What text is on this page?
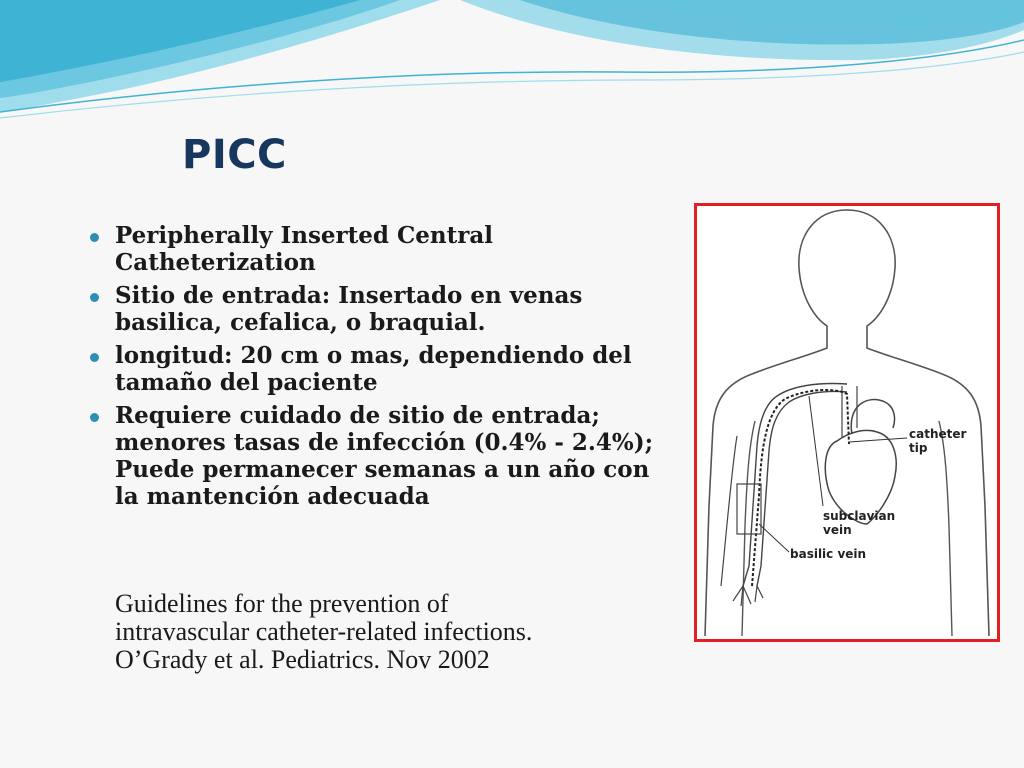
PICC
Peripherally Inserted Central Catheterization
Sitio de entrada: Insertado en venas basilica, cefalica, o braquial.
longitud: 20 cm o mas, dependiendo del tamaño del paciente
Requiere cuidado de sitio de entrada; menores tasas de infección (0.4% - 2.4%); Puede permanecer semanas a un año con la mantención adecuada
Guidelines for the prevention of
intravascular catheter-related infections.
O’Grady et al. Pediatrics. Nov 2002
catheter
tip
subclavian
vein
basilic vein
